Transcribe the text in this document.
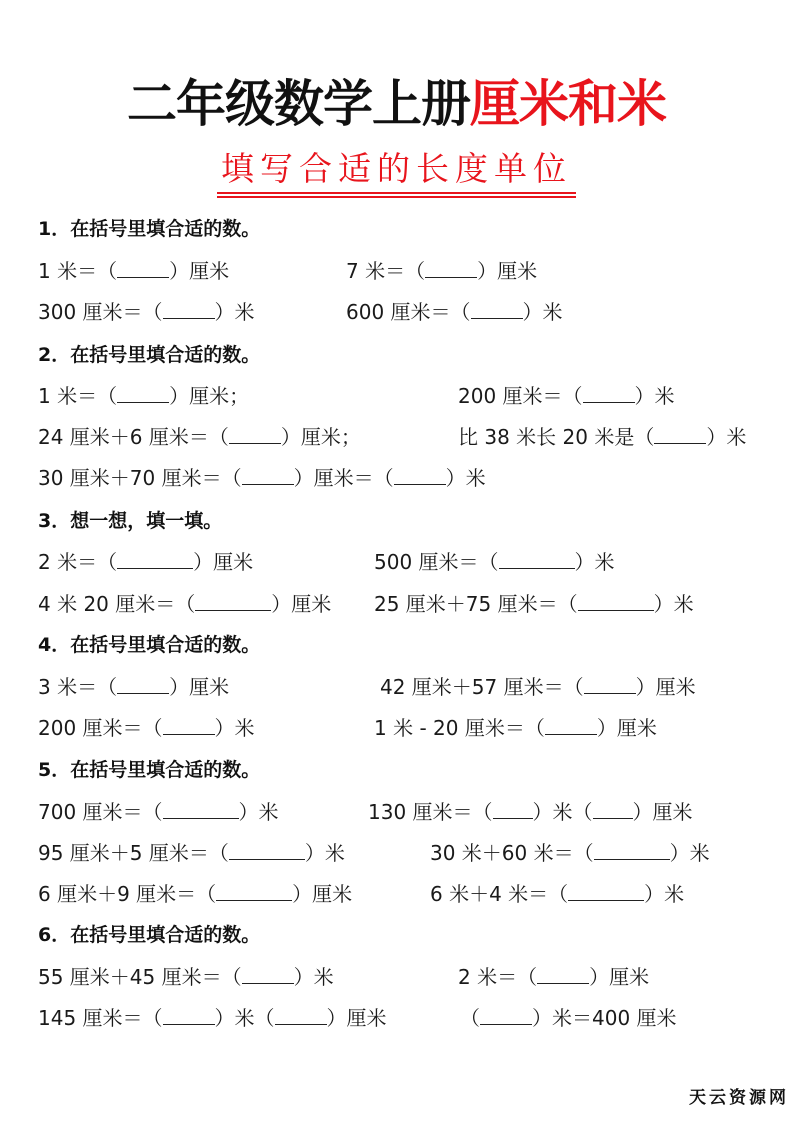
二年级数学上册厘米和米
填写合适的长度单位
1．在括号里填合适的数。
1 米＝（	）厘米	7 米＝（	）厘米
300 厘米＝（	）米	600 厘米＝（	）米
2．在括号里填合适的数。
1 米＝（	）厘米；	200 厘米＝（	）米
24 厘米＋6 厘米＝（	）厘米；	比 38 米长 20 米是（	）米
30 厘米＋70 厘米＝（	）厘米＝（	）米
3．想一想，填一填。
2 米＝（	）厘米	500 厘米＝（	）米
4 米 20 厘米＝（	）厘米 25 厘米＋75 厘米＝（	）米
4．在括号里填合适的数。
3 米＝（	）厘米	42 厘米＋57 厘米＝（	）厘米
200 厘米＝（	）米	1 米 - 20 厘米＝（	）厘米
5．在括号里填合适的数。
700 厘米＝（	）米	130 厘米＝（ ）米（ ）厘米
95 厘米＋5 厘米＝（	）米	30 米＋60 米＝（	）米
6 厘米＋9 厘米＝（	）厘米	6 米＋4 米＝（	）米
6．在括号里填合适的数。
55 厘米＋45 厘米＝（	）米	2 米＝（	）厘米
145 厘米＝（	）米（	）厘米	（	）米＝400 厘米
天云资源网
